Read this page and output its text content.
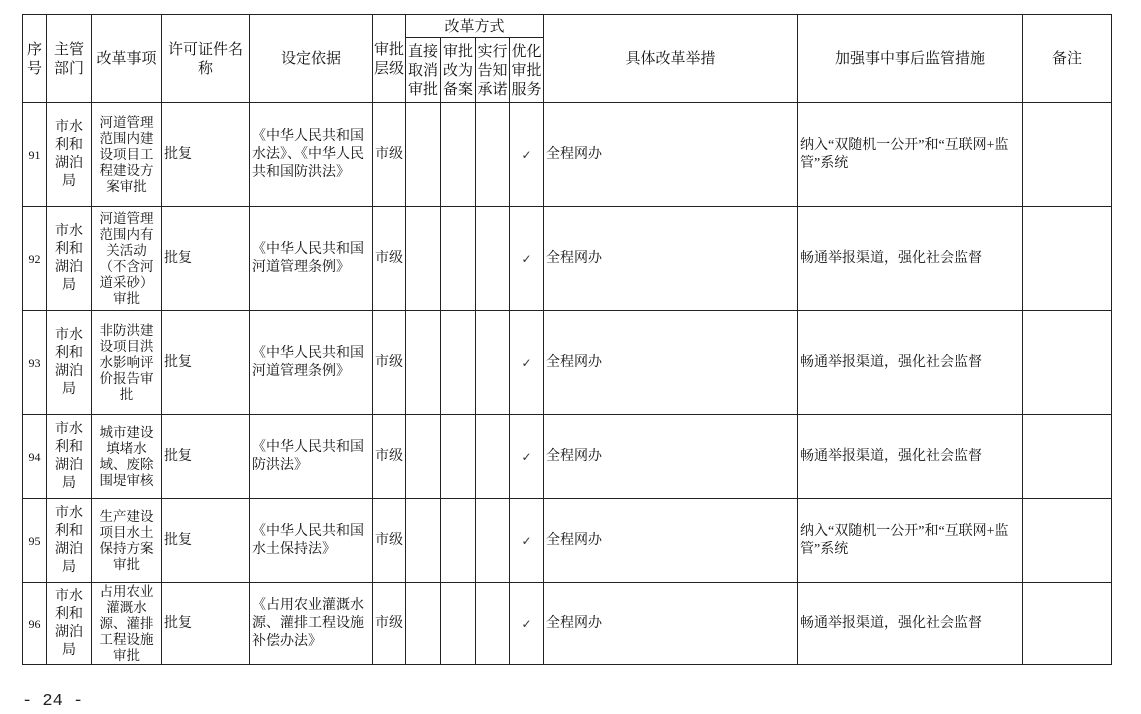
序号	主管部门	改革事项	许可证件名称	设定依据	审批层级	改革方式				具体改革举措	加强事中事后监管措施	备注
						直接取消审批	审批改为备案	实行告知承诺	优化审批服务			
91	市水利和湖泊局	河道管理范围内建设项目工程建设方案审批	批复	《中华人民共和国水法》、《中华人民共和国防洪法》	市级				✓	全程网办	纳入“双随机一公开”和“互联网+监管”系统	
92	市水利和湖泊局	河道管理范围内有关活动（不含河道采砂）审批	批复	《中华人民共和国河道管理条例》	市级				✓	全程网办	畅通举报渠道，强化社会监督	
93	市水利和湖泊局	非防洪建设项目洪水影响评价报告审批	批复	《中华人民共和国河道管理条例》	市级				✓	全程网办	畅通举报渠道，强化社会监督	
94	市水利和湖泊局	城市建设填堵水域、废除围堤审核	批复	《中华人民共和国防洪法》	市级				✓	全程网办	畅通举报渠道，强化社会监督	
95	市水利和湖泊局	生产建设项目水土保持方案审批	批复	《中华人民共和国水土保持法》	市级				✓	全程网办	纳入“双随机一公开”和“互联网+监管”系统	
96	市水利和湖泊局	占用农业灌溉水源、灌排工程设施审批	批复	《占用农业灌溉水源、灌排工程设施补偿办法》	市级				✓	全程网办	畅通举报渠道，强化社会监督	
- 24 -
